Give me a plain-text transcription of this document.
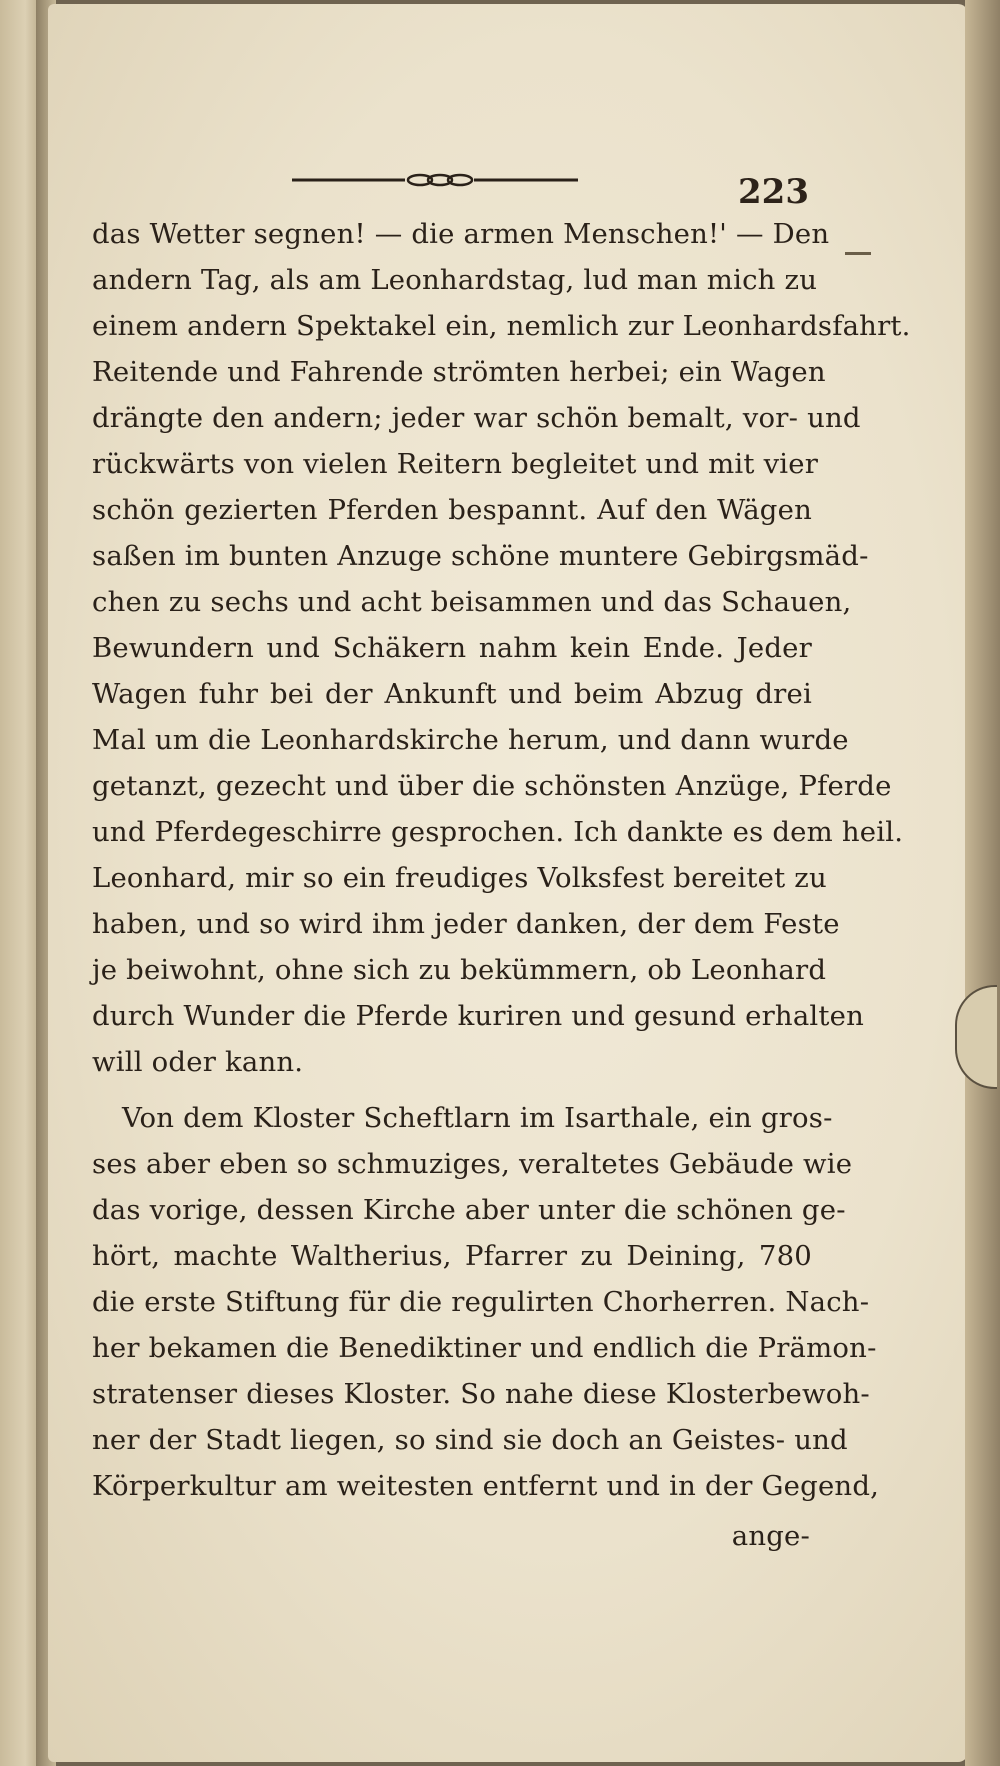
223
das Wetter segnen! — die armen Menschen!' — Den
andern Tag, als am Leonhardstag, lud man mich zu
einem andern Spektakel ein, nemlich zur Leonhardsfahrt.
Reitende und Fahrende strömten herbei; ein Wagen
drängte den andern; jeder war schön bemalt, vor- und
rückwärts von vielen Reitern begleitet und mit vier
schön gezierten Pferden bespannt. Auf den Wägen
saßen im bunten Anzuge schöne muntere Gebirgsmäd-
chen zu sechs und acht beisammen und das Schauen,
Bewundern und Schäkern nahm kein Ende. Jeder
Wagen fuhr bei der Ankunft und beim Abzug drei
Mal um die Leonhardskirche herum, und dann wurde
getanzt, gezecht und über die schönsten Anzüge, Pferde
und Pferdegeschirre gesprochen. Ich dankte es dem heil.
Leonhard, mir so ein freudiges Volksfest bereitet zu
haben, und so wird ihm jeder danken, der dem Feste
je beiwohnt, ohne sich zu bekümmern, ob Leonhard
durch Wunder die Pferde kuriren und gesund erhalten
will oder kann.
Von dem Kloster Scheftlarn im Isarthale, ein gros-
ses aber eben so schmuziges, veraltetes Gebäude wie
das vorige, dessen Kirche aber unter die schönen ge-
hört, machte Waltherius, Pfarrer zu Deining, 780
die erste Stiftung für die regulirten Chorherren. Nach-
her bekamen die Benediktiner und endlich die Prämon-
stratenser dieses Kloster. So nahe diese Klosterbewoh-
ner der Stadt liegen, so sind sie doch an Geistes- und
Körperkultur am weitesten entfernt und in der Gegend,
ange-
